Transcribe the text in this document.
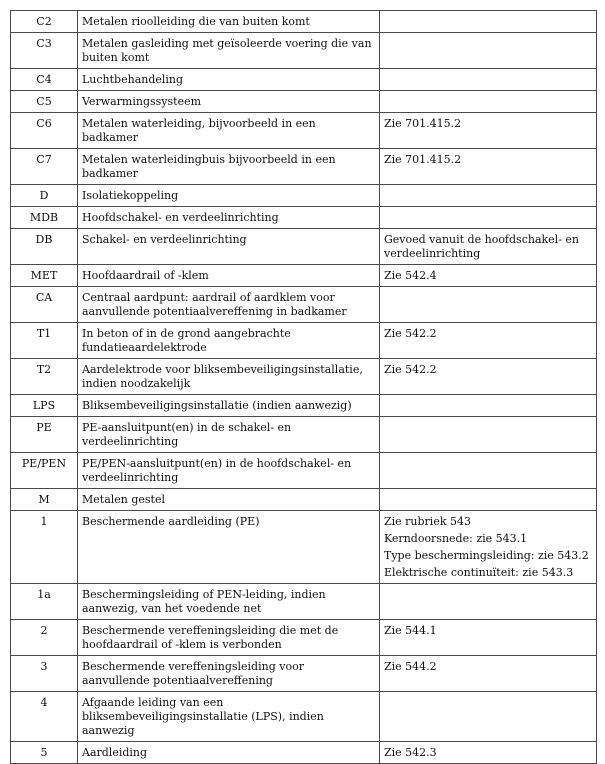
C2	Metalen rioolleiding die van buiten komt	
C3	Metalen gasleiding met geïsoleerde voering die van buiten komt	
C4	Luchtbehandeling	
C5	Verwarmingssysteem	
C6	Metalen waterleiding, bijvoorbeeld in een badkamer	Zie 701.415.2

C7	Metalen waterleidingbuis bijvoorbeeld in een badkamer	Zie 701.415.2

D	Isolatiekoppeling	
MDB	Hoofdschakel- en verdeelinrichting	
DB	Schakel- en verdeelinrichting	Gevoed vanuit de hoofdschakel- en verdeelinrichting

MET	Hoofdaardrail of -klem	Zie 542.4

CA	Centraal aardpunt: aardrail of aardklem voor aanvullende potentiaalvereffening in badkamer	
T1	In beton of in de grond aangebrachte fundatieaardelektrode	Zie 542.2

T2	Aardelektrode voor bliksembeveiligingsinstallatie, indien noodzakelijk	Zie 542.2

LPS	Bliksembeveiligingsinstallatie (indien aanwezig)	
PE	PE-aansluitpunt(en) in de schakel- en verdeelinrichting	
PE/PEN	PE/PEN-aansluitpunt(en) in de hoofdschakel- en verdeelinrichting	
M	Metalen gestel	
1	Beschermende aardleiding (PE)	Zie rubriek 543
Kerndoorsnede: zie 543.1
Type beschermingsleiding: zie 543.2
Elektrische continuïteit: zie 543.3

1a	Beschermingsleiding of PEN-leiding, indien aanwezig, van het voedende net	
2	Beschermende vereffeningsleiding die met de hoofdaardrail of -klem is verbonden	Zie 544.1

3	Beschermende vereffeningsleiding voor aanvullende potentiaalvereffening	Zie 544.2

4	Afgaande leiding van een bliksembeveiligingsinstallatie (LPS), indien aanwezig	
5	Aardleiding	Zie 542.3
